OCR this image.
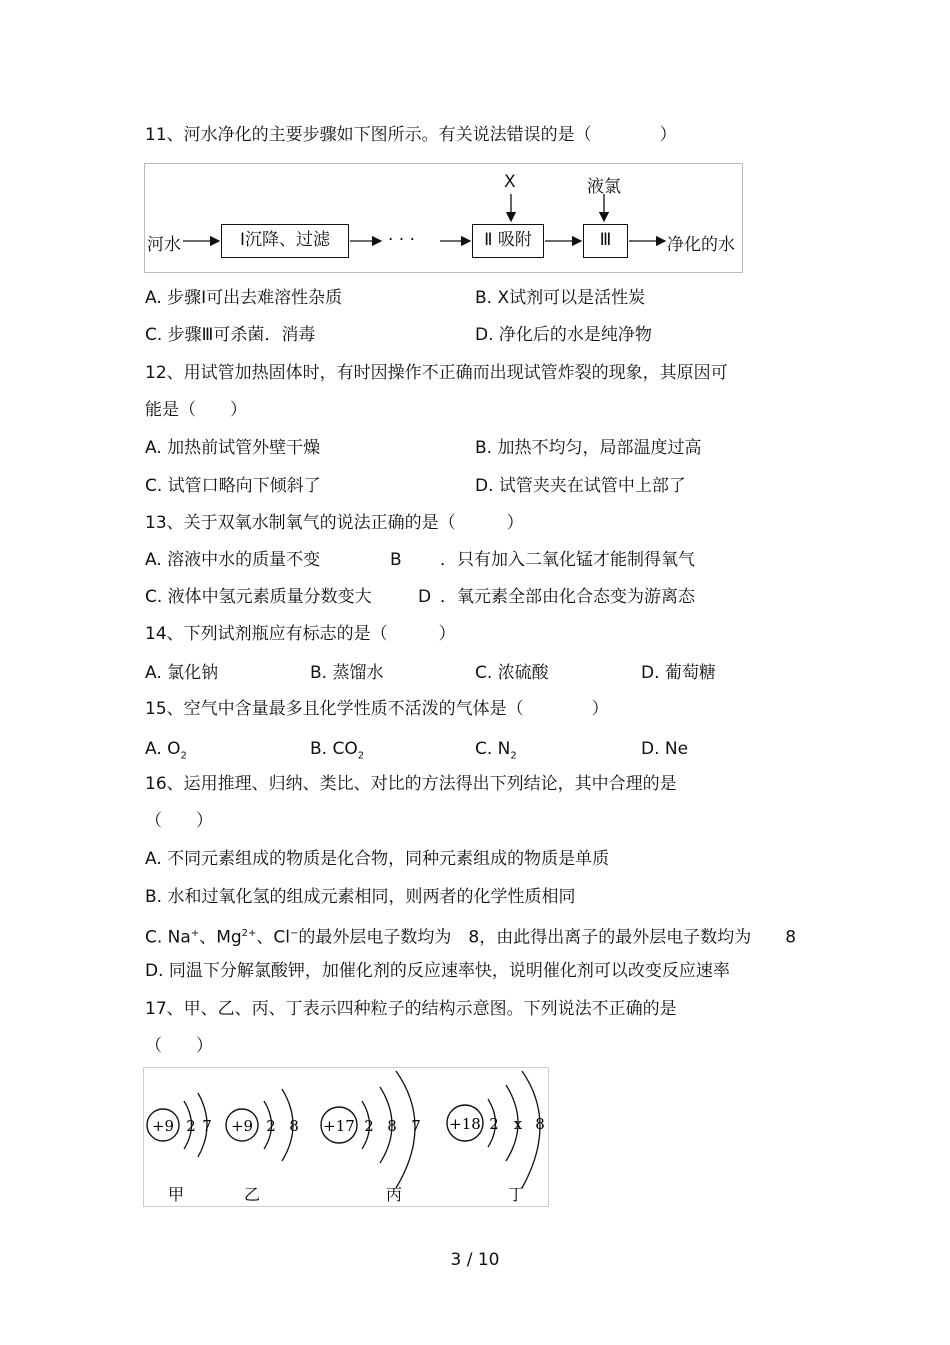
11、河水净化的主要步骤如下图所示。有关说法错误的是（　　　　）
河水	Ⅰ沉降、过滤	· · ·	Ⅱ 吸附	Ⅲ
X	液氯
净化的水
A. 步骤Ⅰ可出去难溶性杂质	B. X试剂可以是活性炭
C. 步骤Ⅲ可杀菌．消毒	D. 净化后的水是纯净物
12、用试管加热固体时，有时因操作不正确而出现试管炸裂的现象，其原因可
能是（　　）
A. 加热前试管外壁干燥	B. 加热不均匀，局部温度过高
C. 试管口略向下倾斜了	D. 试管夹夹在试管中上部了
13、关于双氧水制氧气的说法正确的是（　　　）
A. 溶液中水的质量不变	B ．只有加入二氧化锰才能制得氧气
C. 液体中氢元素质量分数变大	D ．氧元素全部由化合态变为游离态
14、下列试剂瓶应有标志的是（　　　）
A. 氯化钠	B. 蒸馏水	C. 浓硫酸	D. 葡萄糖
15、空气中含量最多且化学性质不活泼的气体是（　　　　）
A. $O_2$	B. $CO_2$	C. $N_2$	D. Ne
16、运用推理、归纳、类比、对比的方法得出下列结论，其中合理的是
（　　）
A. 不同元素组成的物质是化合物，同种元素组成的物质是单质
B. 水和过氧化氢的组成元素相同，则两者的化学性质相同
C. Na+、$Mg^{2+}$、Cl−的最外层电子数均为　8，由此得出离子的最外层电子数均为　　8
D. 同温下分解氯酸钾，加催化剂的反应速率快，说明催化剂可以改变反应速率
17、甲、乙、丙、丁表示四种粒子的结构示意图。下列说法不正确的是
（　　）
+9 2 7
甲
+9 2 8
乙
+17 2 8 7
丙
+18 2 x 8
丁
3 / 10
